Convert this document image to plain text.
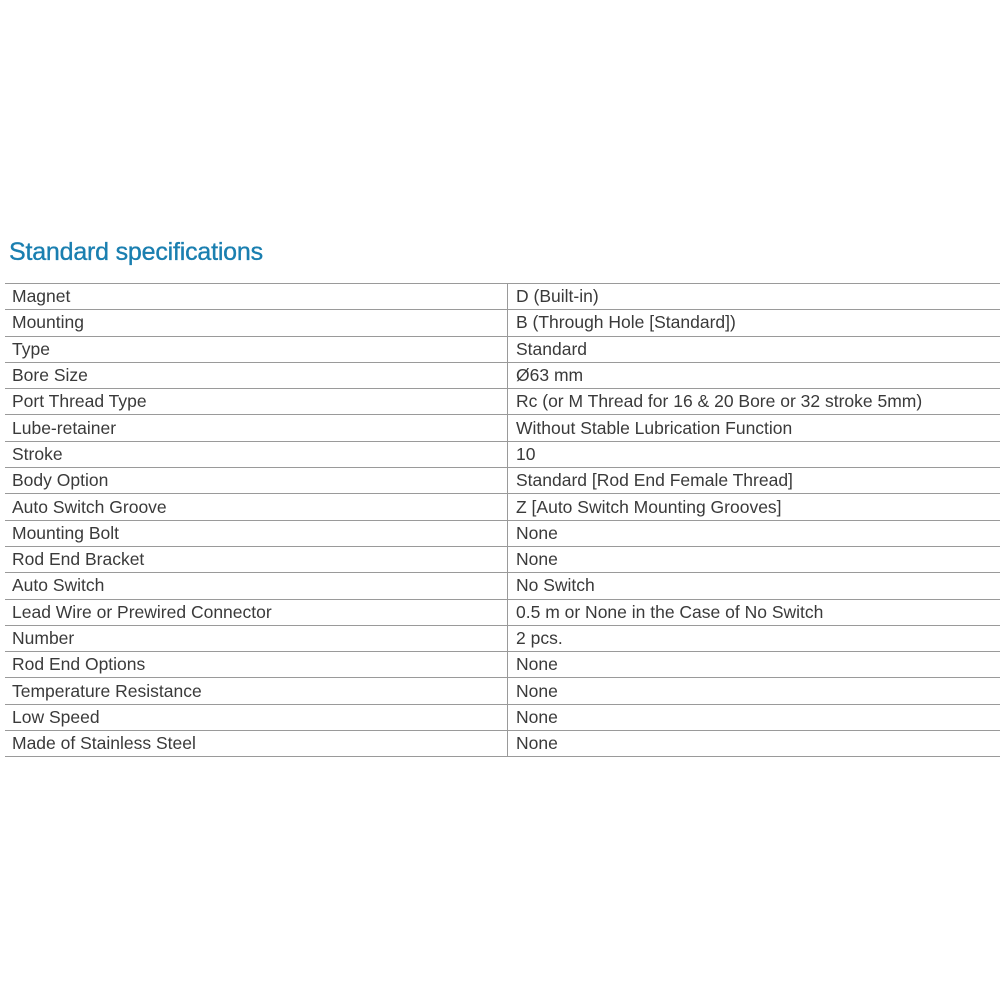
Standard specifications
Magnet	D (Built-in)
Mounting	B (Through Hole [Standard])
Type	Standard
Bore Size	Ø63 mm
Port Thread Type	Rc (or M Thread for 16 & 20 Bore or 32 stroke 5mm)
Lube-retainer	Without Stable Lubrication Function
Stroke	10
Body Option	Standard [Rod End Female Thread]
Auto Switch Groove	Z [Auto Switch Mounting Grooves]
Mounting Bolt	None
Rod End Bracket	None
Auto Switch	No Switch
Lead Wire or Prewired Connector	0.5 m or None in the Case of No Switch
Number	2 pcs.
Rod End Options	None
Temperature Resistance	None
Low Speed	None
Made of Stainless Steel	None
